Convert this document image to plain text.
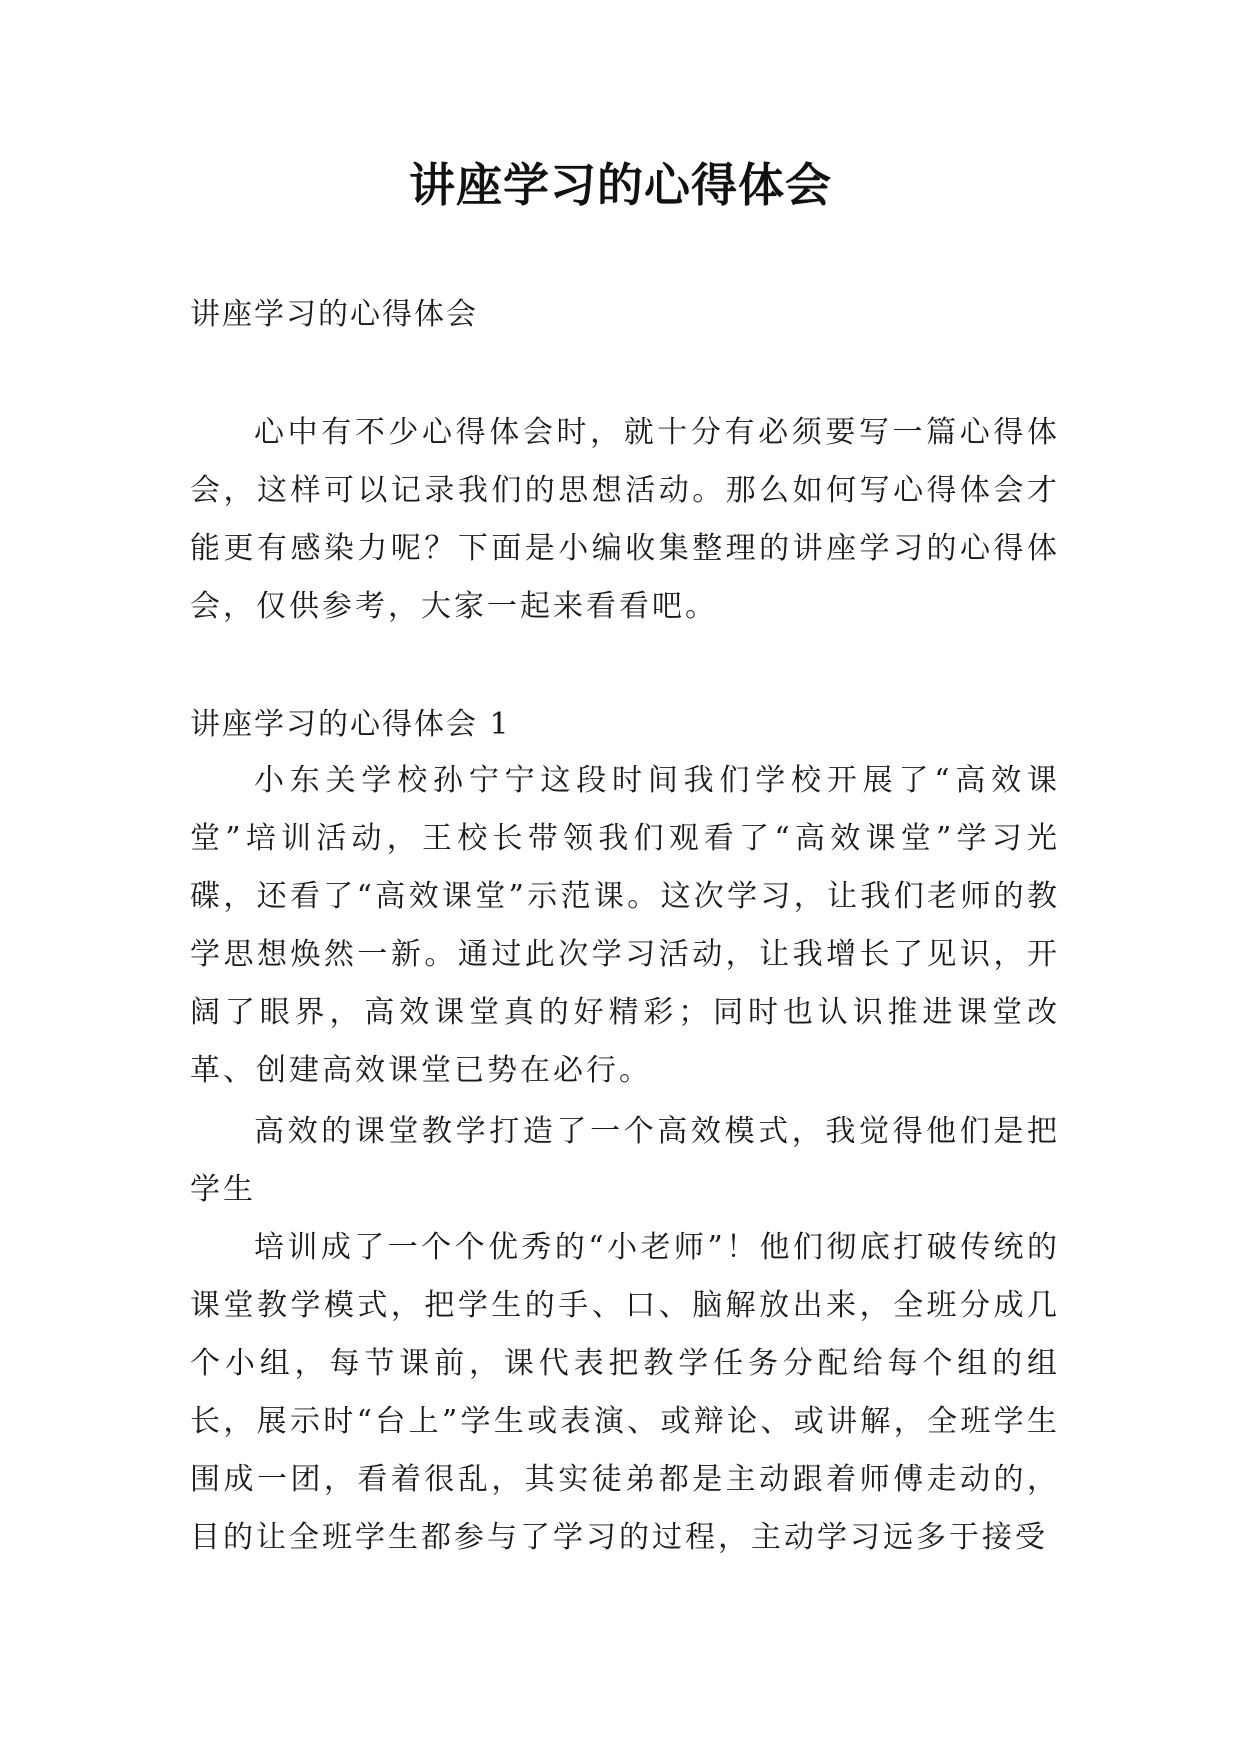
讲座学习的心得体会
讲座学习的心得体会

心中有不少心得体会时，就十分有必须要写一篇心得体会，这样可以记录我们的思想活动。那么如何写心得体会才能更有感染力呢？下面是小编收集整理的讲座学习的心得体会，仅供参考，大家一起来看看吧。

讲座学习的心得体会 1

小东关学校孙宁宁这段时间我们学校开展了“高效课堂”培训活动，王校长带领我们观看了“高效课堂”学习光碟，还看了“高效课堂”示范课。这次学习，让我们老师的教学思想焕然一新。通过此次学习活动，让我增长了见识，开阔了眼界，高效课堂真的好精彩；同时也认识推进课堂改革、创建高效课堂已势在必行。

高效的课堂教学打造了一个高效模式，我觉得他们是把学生

培训成了一个个优秀的“小老师”！他们彻底打破传统的课堂教学模式，把学生的手、口、脑解放出来，全班分成几个小组，每节课前，课代表把教学任务分配给每个组的组长，展示时“台上”学生或表演、或辩论、或讲解，全班学生围成一团，看着很乱，其实徒弟都是主动跟着师傅走动的，目的让全班学生都参与了学习的过程，主动学习远多于接受
